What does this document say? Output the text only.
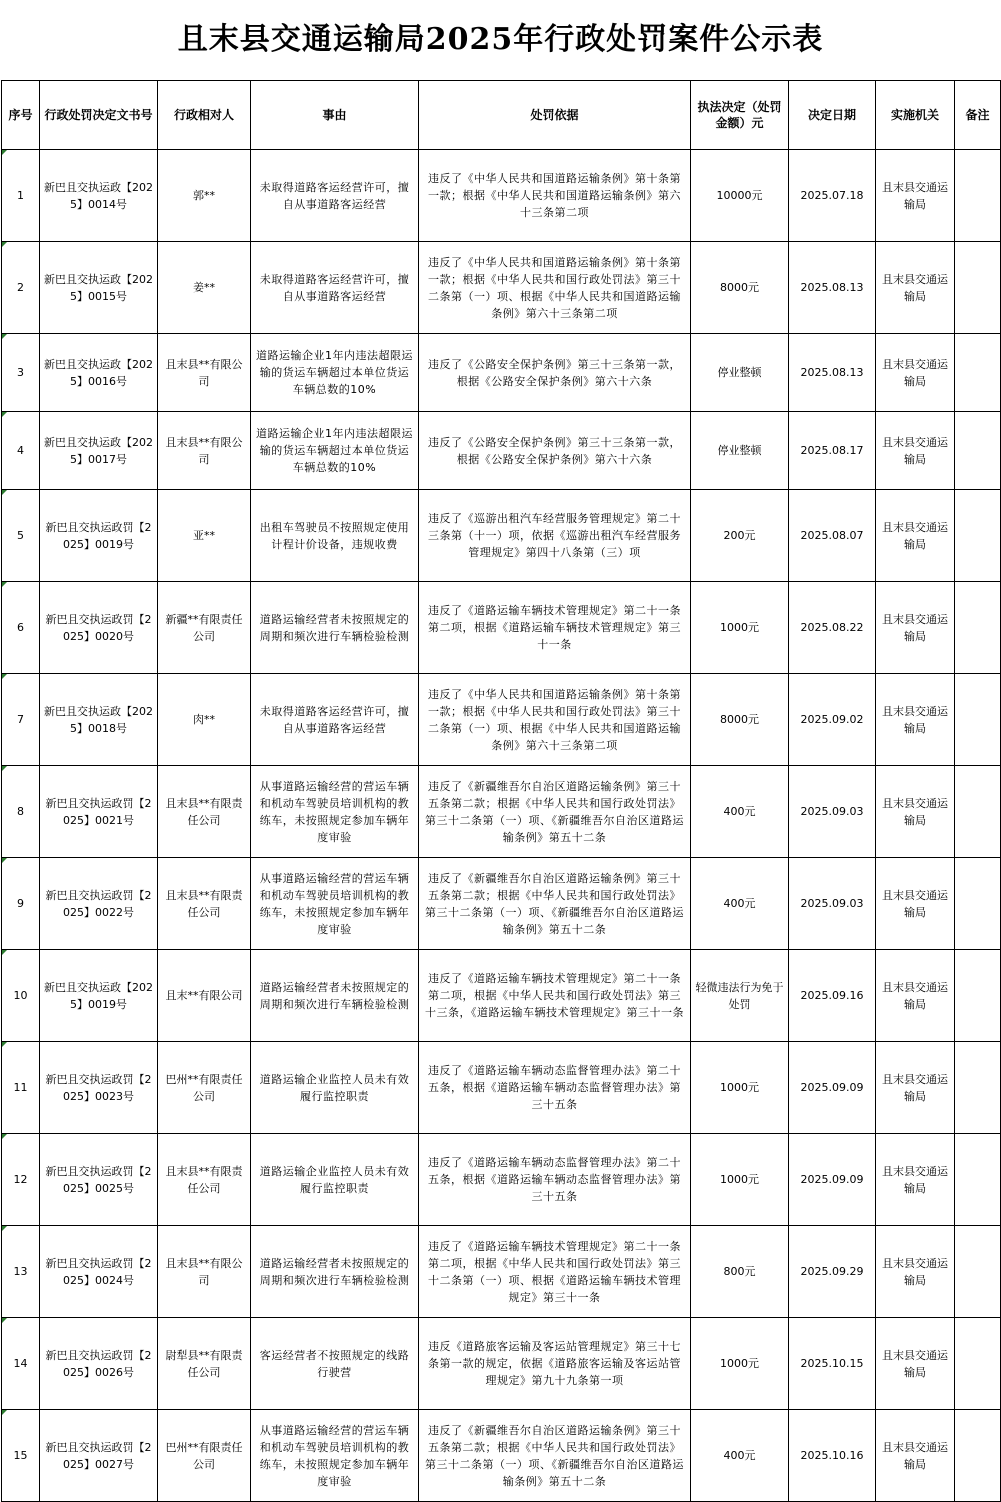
且末县交通运输局2025年行政处罚案件公示表
序号	行政处罚决定文书号	行政相对人	事由	处罚依据	执法决定（处罚金额）元	决定日期	实施机关	备注
1	新巴且交执运政【2025】0014号	郭**	未取得道路客运经营许可，擅自从事道路客运经营	违反了《中华人民共和国道路运输条例》第十条第一款；根据《中华人民共和国道路运输条例》第六十三条第二项	10000元	2025.07.18	且末县交通运输局	
2	新巴且交执运政【2025】0015号	姜**	未取得道路客运经营许可，擅自从事道路客运经营	违反了《中华人民共和国道路运输条例》第十条第一款；根据《中华人民共和国行政处罚法》第三十二条第（一）项、根据《中华人民共和国道路运输条例》第六十三条第二项	8000元	2025.08.13	且末县交通运输局	
3	新巴且交执运政【2025】0016号	且末县**有限公司	道路运输企业1年内违法超限运输的货运车辆超过本单位货运车辆总数的10%	违反了《公路安全保护条例》第三十三条第一款，根据《公路安全保护条例》第六十六条	停业整顿	2025.08.13	且末县交通运输局	
4	新巴且交执运政【2025】0017号	且末县**有限公司	道路运输企业1年内违法超限运输的货运车辆超过本单位货运车辆总数的10%	违反了《公路安全保护条例》第三十三条第一款，根据《公路安全保护条例》第六十六条	停业整顿	2025.08.17	且末县交通运输局	
5	新巴且交执运政罚【2025】0019号	亚**	出租车驾驶员不按照规定使用计程计价设备，违规收费	违反了《巡游出租汽车经营服务管理规定》第二十三条第（十一）项，依据《巡游出租汽车经营服务管理规定》第四十八条第（三）项	200元	2025.08.07	且末县交通运输局	
6	新巴且交执运政罚【2025】0020号	新疆**有限责任公司	道路运输经营者未按照规定的周期和频次进行车辆检验检测	违反了《道路运输车辆技术管理规定》第二十一条第二项，根据《道路运输车辆技术管理规定》第三十一条	1000元	2025.08.22	且末县交通运输局	
7	新巴且交执运政【2025】0018号	肉**	未取得道路客运经营许可，擅自从事道路客运经营	违反了《中华人民共和国道路运输条例》第十条第一款；根据《中华人民共和国行政处罚法》第三十二条第（一）项、根据《中华人民共和国道路运输条例》第六十三条第二项	8000元	2025.09.02	且末县交通运输局	
8	新巴且交执运政罚【2025】0021号	且末县**有限责任公司	从事道路运输经营的营运车辆和机动车驾驶员培训机构的教练车，未按照规定参加车辆年度审验	违反了《新疆维吾尔自治区道路运输条例》第三十五条第二款；根据《中华人民共和国行政处罚法》第三十二条第（一）项、《新疆维吾尔自治区道路运输条例》第五十二条	400元	2025.09.03	且末县交通运输局	
9	新巴且交执运政罚【2025】0022号	且末县**有限责任公司	从事道路运输经营的营运车辆和机动车驾驶员培训机构的教练车，未按照规定参加车辆年度审验	违反了《新疆维吾尔自治区道路运输条例》第三十五条第二款；根据《中华人民共和国行政处罚法》第三十二条第（一）项、《新疆维吾尔自治区道路运输条例》第五十二条	400元	2025.09.03	且末县交通运输局	
10	新巴且交执运政【2025】0019号	且末**有限公司	道路运输经营者未按照规定的周期和频次进行车辆检验检测	违反了《道路运输车辆技术管理规定》第二十一条第二项，根据《中华人民共和国行政处罚法》第三十三条，《道路运输车辆技术管理规定》第三十一条	轻微违法行为免于处罚	2025.09.16	且末县交通运输局	
11	新巴且交执运政罚【2025】0023号	巴州**有限责任公司	道路运输企业监控人员未有效履行监控职责	违反了《道路运输车辆动态监督管理办法》第二十五条，根据《道路运输车辆动态监督管理办法》第三十五条	1000元	2025.09.09	且末县交通运输局	
12	新巴且交执运政罚【2025】0025号	且末县**有限责任公司	道路运输企业监控人员未有效履行监控职责	违反了《道路运输车辆动态监督管理办法》第二十五条，根据《道路运输车辆动态监督管理办法》第三十五条	1000元	2025.09.09	且末县交通运输局	
13	新巴且交执运政罚【2025】0024号	且末县**有限公司	道路运输经营者未按照规定的周期和频次进行车辆检验检测	违反了《道路运输车辆技术管理规定》第二十一条第二项，根据《中华人民共和国行政处罚法》第三十二条第（一）项、根据《道路运输车辆技术管理规定》第三十一条	800元	2025.09.29	且末县交通运输局	
14	新巴且交执运政罚【2025】0026号	尉犁县**有限责任公司	客运经营者不按照规定的线路行驶营	违反《道路旅客运输及客运站管理规定》第三十七条第一款的规定，依据《道路旅客运输及客运站管理规定》第九十九条第一项	1000元	2025.10.15	且末县交通运输局	
15	新巴且交执运政罚【2025】0027号	巴州**有限责任公司	从事道路运输经营的营运车辆和机动车驾驶员培训机构的教练车，未按照规定参加车辆年度审验	违反了《新疆维吾尔自治区道路运输条例》第三十五条第二款；根据《中华人民共和国行政处罚法》第三十二条第（一）项、《新疆维吾尔自治区道路运输条例》第五十二条	400元	2025.10.16	且末县交通运输局	
